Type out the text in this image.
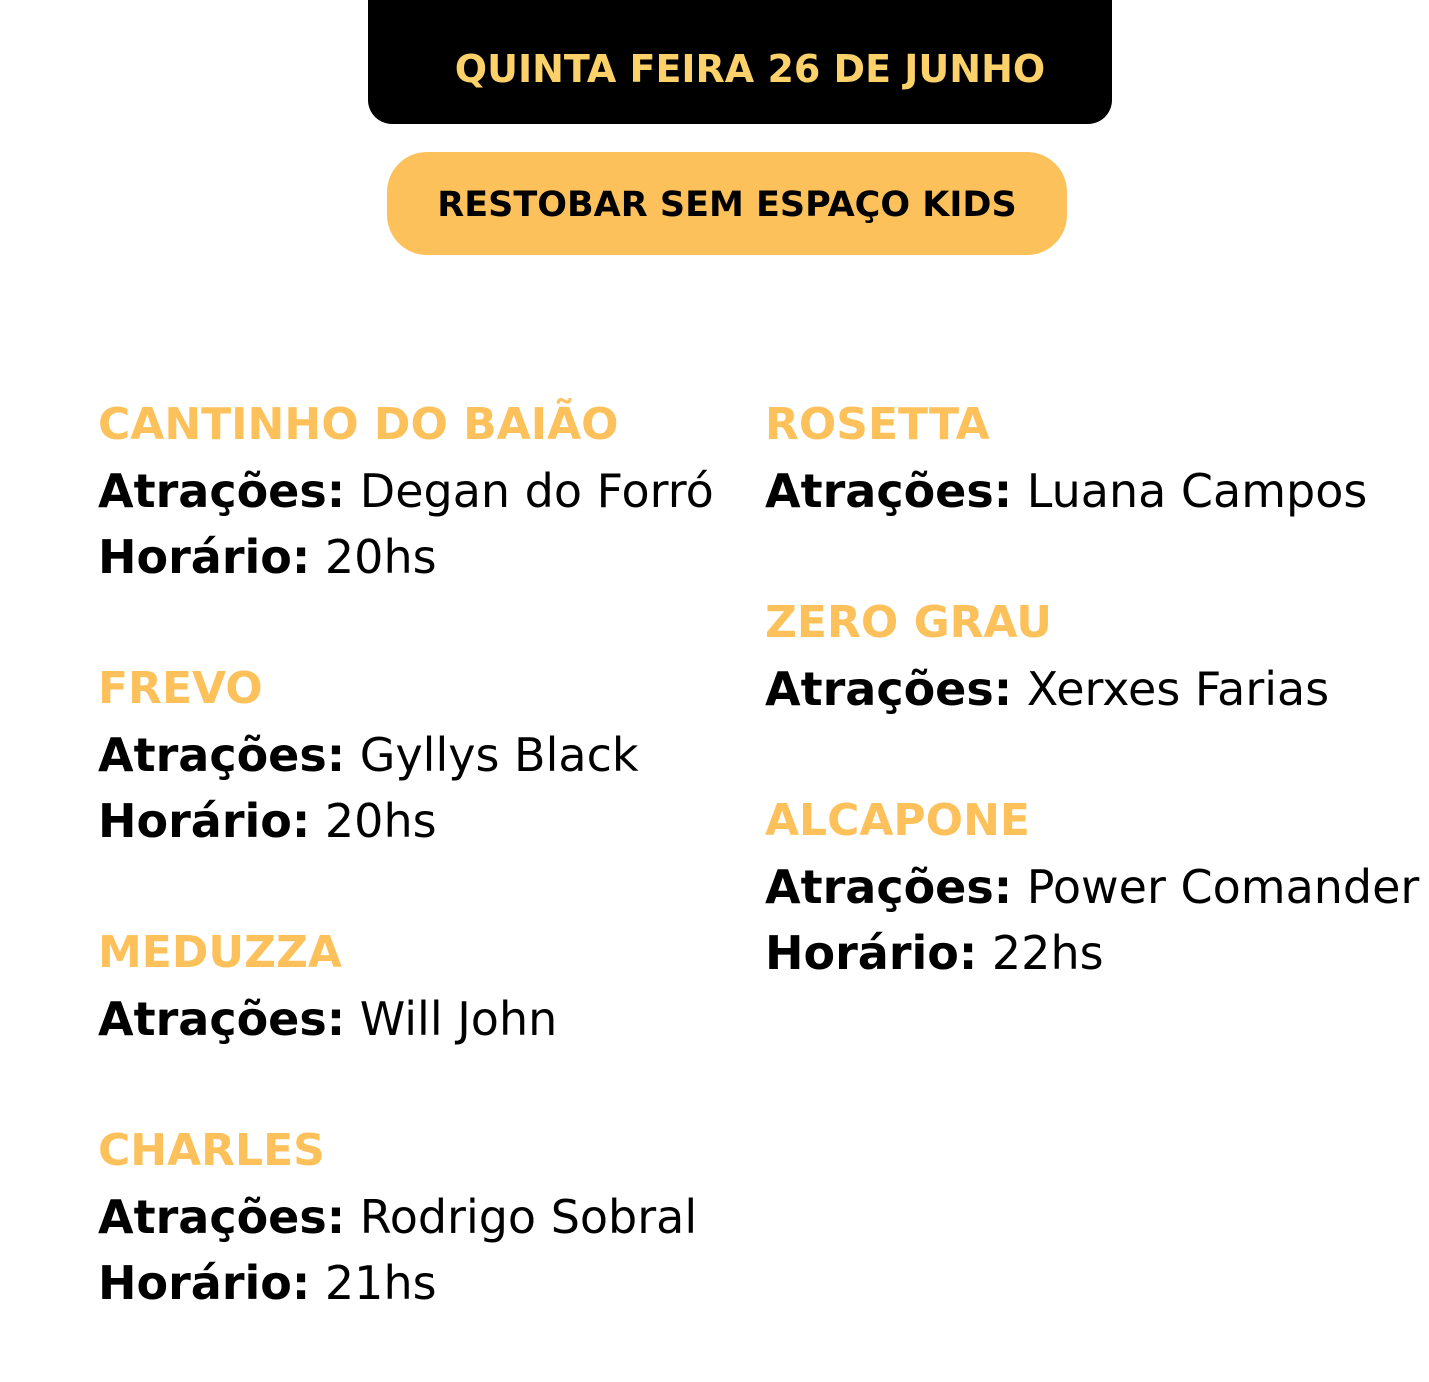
QUINTA FEIRA 26 DE JUNHO
RESTOBAR SEM ESPAÇO KIDS
CANTINHO DO BAIÃO
Atrações: Degan do Forró
Horário: 20hs
FREVO
Atrações: Gyllys Black
Horário: 20hs
MEDUZZA
Atrações: Will John
CHARLES
Atrações: Rodrigo Sobral
Horário: 21hs
ROSETTA
Atrações: Luana Campos
ZERO GRAU
Atrações: Xerxes Farias
ALCAPONE
Atrações: Power Comander
Horário: 22hs
